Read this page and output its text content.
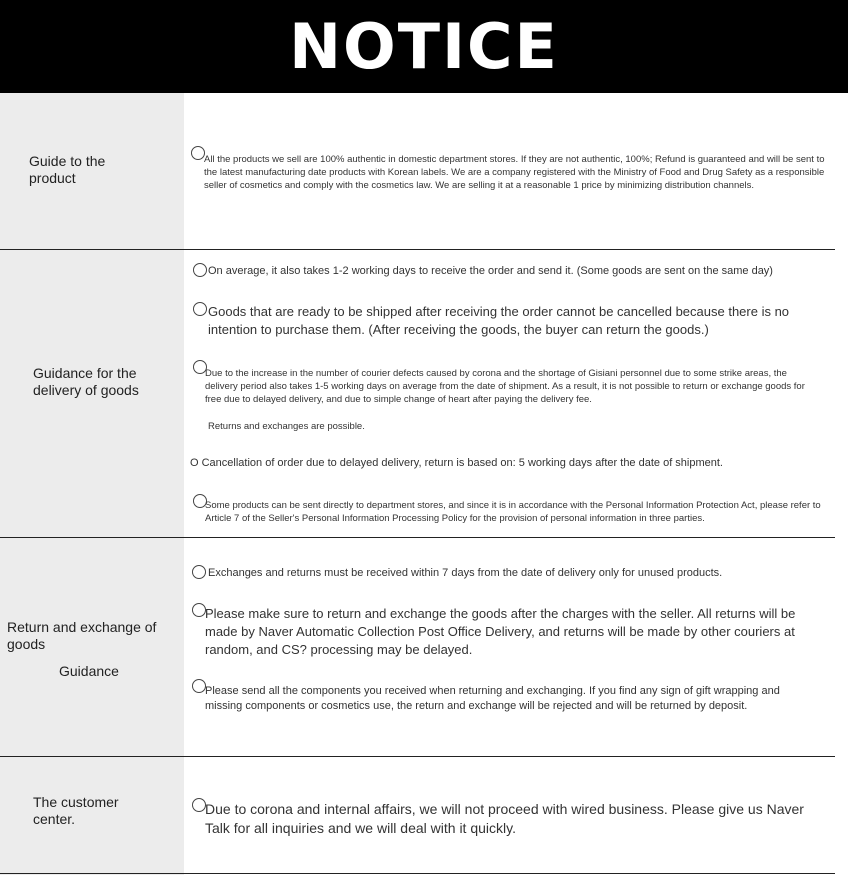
NOTICE
Guide to the product
All the products we sell are 100% authentic in domestic department stores. If they are not authentic, 100%; Refund is guaranteed and will be sent to the latest manufacturing date products with Korean labels. We are a company registered with the Ministry of Food and Drug Safety as a responsible seller of cosmetics and comply with the cosmetics law. We are selling it at a reasonable 1 price by minimizing distribution channels.
Guidance for the delivery of goods
On average, it also takes 1-2 working days to receive the order and send it. (Some goods are sent on the same day)
Goods that are ready to be shipped after receiving the order cannot be cancelled because there is no intention to purchase them. (After receiving the goods, the buyer can return the goods.)
Due to the increase in the number of courier defects caused by corona and the shortage of Gisiani personnel due to some strike areas, the delivery period also takes 1-5 working days on average from the date of shipment. As a result, it is not possible to return or exchange goods for free due to delayed delivery, and due to simple change of heart after paying the delivery fee.
Returns and exchanges are possible.
O Cancellation of order due to delayed delivery, return is based on: 5 working days after the date of shipment.
Some products can be sent directly to department stores, and since it is in accordance with the Personal Information Protection Act, please refer to Article 7 of the Seller's Personal Information Processing Policy for the provision of personal information in three parties.
Return and exchange of goods
Guidance
Exchanges and returns must be received within 7 days from the date of delivery only for unused products.
Please make sure to return and exchange the goods after the charges with the seller. All returns will be made by Naver Automatic Collection Post Office Delivery, and returns will be made by other couriers at random, and CS? processing may be delayed.
Please send all the components you received when returning and exchanging. If you find any sign of gift wrapping and missing components or cosmetics use, the return and exchange will be rejected and will be returned by deposit.
The customer center.
Due to corona and internal affairs, we will not proceed with wired business. Please give us Naver Talk for all inquiries and we will deal with it quickly.
